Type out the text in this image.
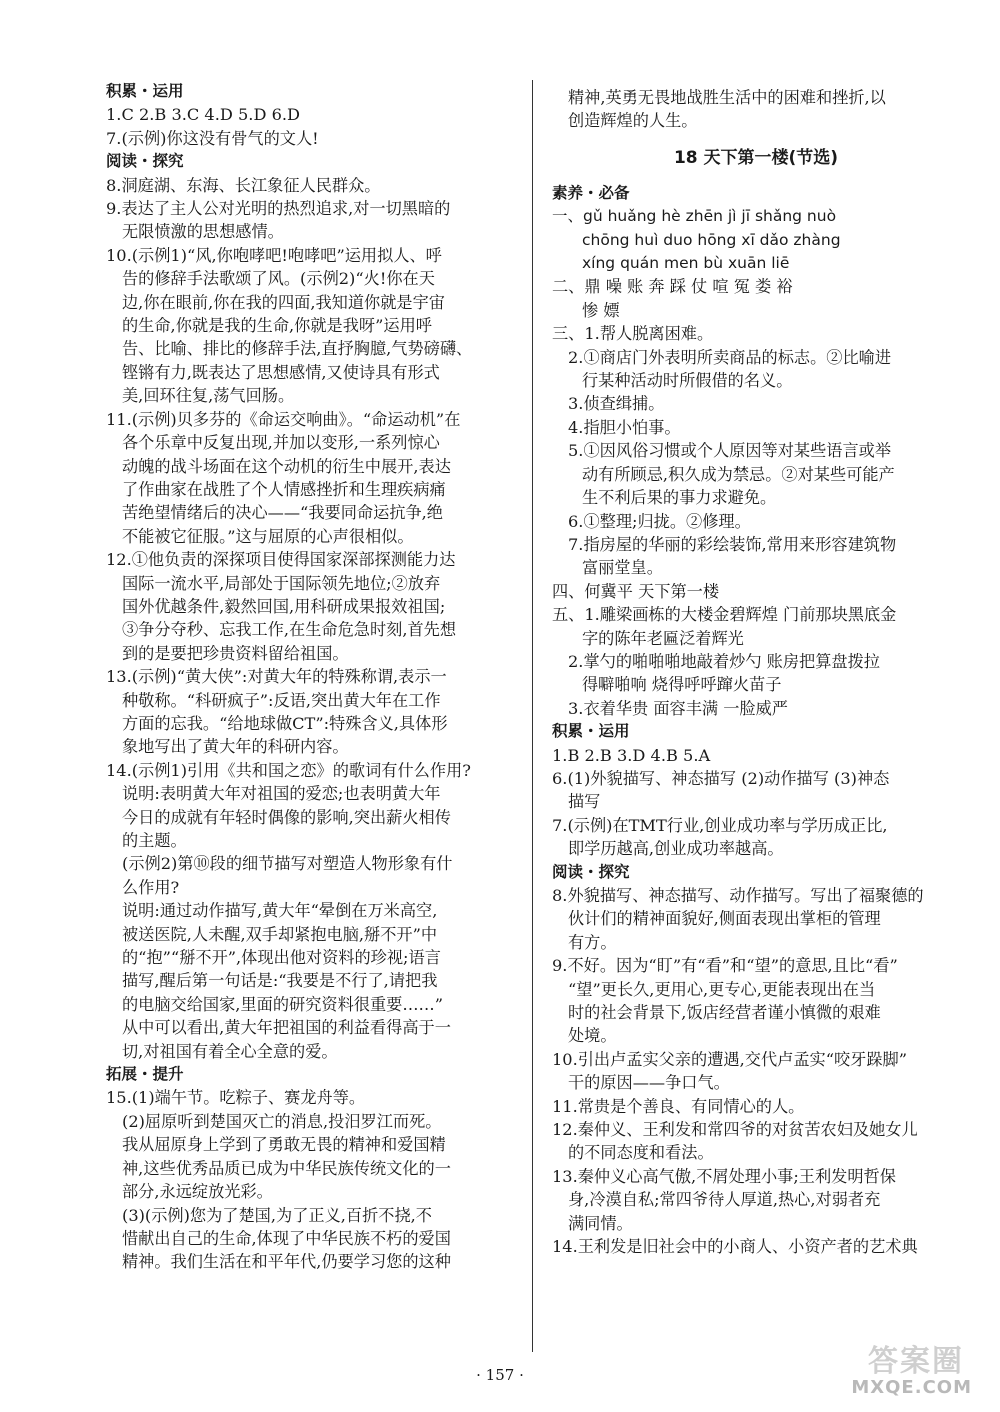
积累・运用
1.C 2.B 3.C 4.D 5.D 6.D
7.(示例)你这没有骨气的文人!
阅读・探究
8.洞庭湖、东海、长江象征人民群众。
9.表达了主人公对光明的热烈追求,对一切黑暗的
无限愤激的思想感情。
10.(示例1)“风,你咆哮吧!咆哮吧”运用拟人、呼
告的修辞手法歌颂了风。(示例2)“火!你在天
边,你在眼前,你在我的四面,我知道你就是宇宙
的生命,你就是我的生命,你就是我呀”运用呼
告、比喻、排比的修辞手法,直抒胸臆,气势磅礴、
铿锵有力,既表达了思想感情,又使诗具有形式
美,回环往复,荡气回肠。
11.(示例)贝多芬的《命运交响曲》。“命运动机”在
各个乐章中反复出现,并加以变形,一系列惊心
动魄的战斗场面在这个动机的衍生中展开,表达
了作曲家在战胜了个人情感挫折和生理疾病痛
苦绝望情绪后的决心——“我要同命运抗争,绝
不能被它征服。”这与屈原的心声很相似。
12.①他负责的深探项目使得国家深部探测能力达
国际一流水平,局部处于国际领先地位;②放弃
国外优越条件,毅然回国,用科研成果报效祖国;
③争分夺秒、忘我工作,在生命危急时刻,首先想
到的是要把珍贵资料留给祖国。
13.(示例)“黄大侠”:对黄大年的特殊称谓,表示一
种敬称。“科研疯子”:反语,突出黄大年在工作
方面的忘我。“给地球做CT”:特殊含义,具体形
象地写出了黄大年的科研内容。
14.(示例1)引用《共和国之恋》的歌词有什么作用?
说明:表明黄大年对祖国的爱恋;也表明黄大年
今日的成就有年轻时偶像的影响,突出薪火相传
的主题。
(示例2)第⑩段的细节描写对塑造人物形象有什
么作用?
说明:通过动作描写,黄大年“晕倒在万米高空,
被送医院,人未醒,双手却紧抱电脑,掰不开”中
的“抱”“掰不开”,体现出他对资料的珍视;语言
描写,醒后第一句话是:“我要是不行了,请把我
的电脑交给国家,里面的研究资料很重要……”
从中可以看出,黄大年把祖国的利益看得高于一
切,对祖国有着全心全意的爱。
拓展・提升
15.(1)端午节。吃粽子、赛龙舟等。
(2)屈原听到楚国灭亡的消息,投汨罗江而死。
我从屈原身上学到了勇敢无畏的精神和爱国精
神,这些优秀品质已成为中华民族传统文化的一
部分,永远绽放光彩。
(3)(示例)您为了楚国,为了正义,百折不挠,不
惜献出自己的生命,体现了中华民族不朽的爱国
精神。我们生活在和平年代,仍要学习您的这种
精神,英勇无畏地战胜生活中的困难和挫折,以
创造辉煌的人生。
18 天下第一楼(节选)
素养・必备
一、gǔ huǎng hè zhēn jì jī shǎng nuò
chōng huì duo hōng xī dǎo zhàng
xíng quán men bù xuān liē
二、鼎 噪 账 奔 踩 仗 喧 冤 娄 裕
惨 嫖
三、1.帮人脱离困难。
2.①商店门外表明所卖商品的标志。②比喻进
行某种活动时所假借的名义。
3.侦查缉捕。
4.指胆小怕事。
5.①因风俗习惯或个人原因等对某些语言或举
动有所顾忌,积久成为禁忌。②对某些可能产
生不利后果的事力求避免。
6.①整理;归拢。②修理。
7.指房屋的华丽的彩绘装饰,常用来形容建筑物
富丽堂皇。
四、何冀平 天下第一楼
五、1.雕梁画栋的大楼金碧辉煌 门前那块黑底金
字的陈年老匾泛着辉光
2.掌勺的啪啪啪地敲着炒勺 账房把算盘拨拉
得噼啪响 烧得呼呼蹿火苗子
3.衣着华贵 面容丰满 一脸威严
积累・运用
1.B 2.B 3.D 4.B 5.A
6.(1)外貌描写、神态描写 (2)动作描写 (3)神态
描写
7.(示例)在TMT行业,创业成功率与学历成正比,
即学历越高,创业成功率越高。
阅读・探究
8.外貌描写、神态描写、动作描写。写出了福聚德的
伙计们的精神面貌好,侧面表现出掌柜的管理
有方。
9.不好。因为“盯”有“看”和“望”的意思,且比“看”
“望”更长久,更用心,更专心,更能表现出在当
时的社会背景下,饭店经营者谨小慎微的艰难
处境。
10.引出卢孟实父亲的遭遇,交代卢孟实“咬牙跺脚”
干的原因——争口气。
11.常贵是个善良、有同情心的人。
12.秦仲义、王利发和常四爷的对贫苦农妇及她女儿
的不同态度和看法。
13.秦仲义心高气傲,不屑处理小事;王利发明哲保
身,冷漠自私;常四爷待人厚道,热心,对弱者充
满同情。
14.王利发是旧社会中的小商人、小资产者的艺术典
· 157 ·	答案圈
MXQE.COM
